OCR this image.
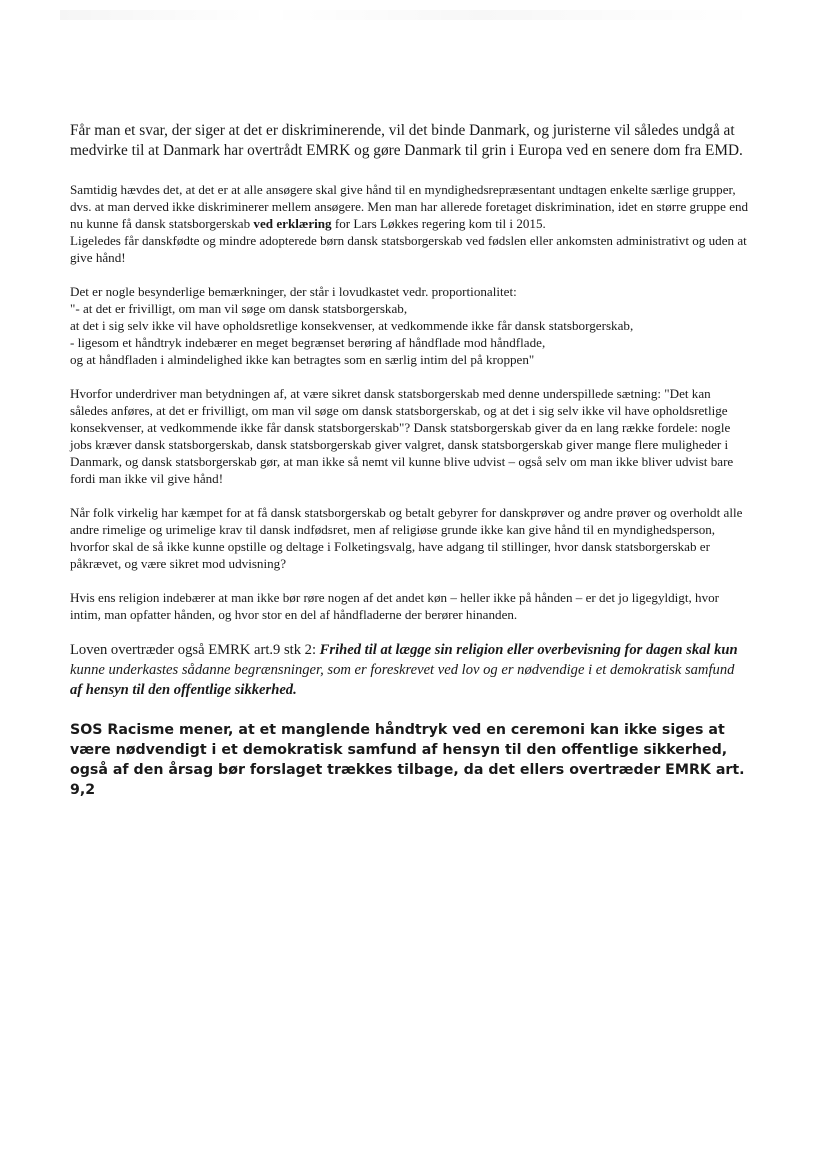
Får man et svar, der siger at det er diskriminerende, vil det binde Danmark, og juristerne vil således undgå at medvirke til at Danmark har overtrådt EMRK og gøre Danmark til grin i Europa ved en senere dom fra EMD.

Samtidig hævdes det, at det er at alle ansøgere skal give hånd til en myndighedsrepræsentant undtagen enkelte særlige grupper, dvs. at man derved ikke diskriminerer mellem ansøgere. Men man har allerede foretaget diskrimination, idet en større gruppe end nu kunne få dansk statsborgerskab ved erklæring for Lars Løkkes regering kom til i 2015.

Ligeledes får danskfødte og mindre adopterede børn dansk statsborgerskab ved fødslen eller ankomsten administrativt og uden at give hånd!

Det er nogle besynderlige bemærkninger, der står i lovudkastet vedr. proportionalitet:

"- at det er frivilligt, om man vil søge om dansk statsborgerskab,

at det i sig selv ikke vil have opholdsretlige konsekvenser, at vedkommende ikke får dansk statsborgerskab,

- ligesom et håndtryk indebærer en meget begrænset berøring af håndflade mod håndflade,

og at håndfladen i almindelighed ikke kan betragtes som en særlig intim del på kroppen"

Hvorfor underdriver man betydningen af, at være sikret dansk statsborgerskab med denne underspillede sætning: "Det kan således anføres, at det er frivilligt, om man vil søge om dansk statsborgerskab, og at det i sig selv ikke vil have opholdsretlige konsekvenser, at vedkommende ikke får dansk statsborgerskab"? Dansk statsborgerskab giver da en lang række fordele: nogle jobs kræver dansk statsborgerskab, dansk statsborgerskab giver valgret, dansk statsborgerskab giver mange flere muligheder i Danmark, og dansk statsborgerskab gør, at man ikke så nemt vil kunne blive udvist – også selv om man ikke bliver udvist bare fordi man ikke vil give hånd!

Når folk virkelig har kæmpet for at få dansk statsborgerskab og betalt gebyrer for danskprøver og andre prøver og overholdt alle andre rimelige og urimelige krav til dansk indfødsret, men af religiøse grunde ikke kan give hånd til en myndighedsperson, hvorfor skal de så ikke kunne opstille og deltage i Folketingsvalg, have adgang til stillinger, hvor dansk statsborgerskab er påkrævet, og være sikret mod udvisning?

Hvis ens religion indebærer at man ikke bør røre nogen af det andet køn – heller ikke på hånden – er det jo ligegyldigt, hvor intim, man opfatter hånden, og hvor stor en del af håndfladerne der berører hinanden.

Loven overtræder også EMRK art.9 stk 2: Frihed til at lægge sin religion eller overbevisning for dagen skal kun kunne underkastes sådanne begrænsninger, som er foreskrevet ved lov og er nødvendige i et demokratisk samfund af hensyn til den offentlige sikkerhed.

SOS Racisme mener, at et manglende håndtryk ved en ceremoni kan ikke siges at være nødvendigt i et demokratisk samfund af hensyn til den offentlige sikkerhed, også af den årsag bør forslaget trækkes tilbage, da det ellers overtræder EMRK art. 9,2
